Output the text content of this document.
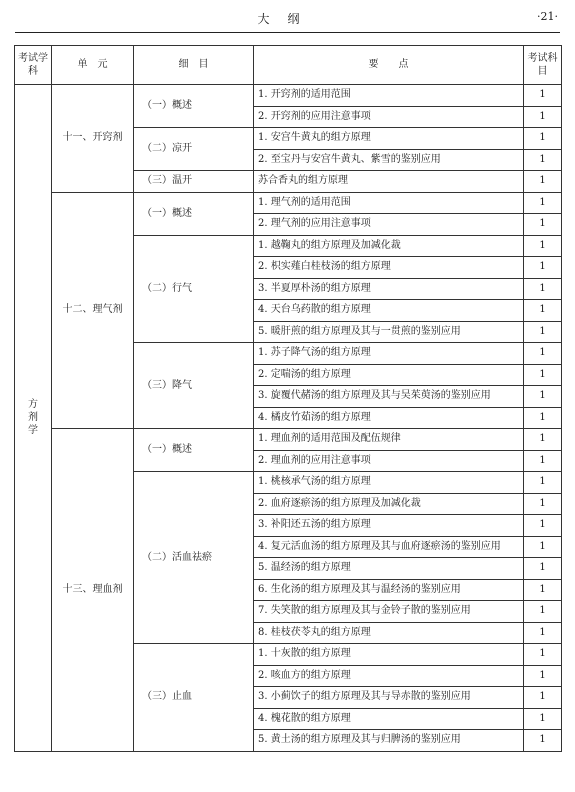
大纲	·21·
考试学科	单　元	细　目	要　　点	考试科目
方剂学	十一、开窍剂	（一）概述	1. 开窍剂的适用范围	1
			2. 开窍剂的应用注意事项	1
		（二）凉开	1. 安宫牛黄丸的组方原理	1
			2. 至宝丹与安宫牛黄丸、紫雪的鉴别应用	1
		（三）温开	苏合香丸的组方原理	1
	十二、理气剂	（一）概述	1. 理气剂的适用范围	1
			2. 理气剂的应用注意事项	1
		（二）行气	1. 越鞠丸的组方原理及加减化裁	1
			2. 枳实薤白桂枝汤的组方原理	1
			3. 半夏厚朴汤的组方原理	1
			4. 天台乌药散的组方原理	1
			5. 暖肝煎的组方原理及其与一贯煎的鉴别应用	1
		（三）降气	1. 苏子降气汤的组方原理	1
			2. 定喘汤的组方原理	1
			3. 旋覆代赭汤的组方原理及其与吴茱萸汤的鉴别应用	1
			4. 橘皮竹茹汤的组方原理	1
	十三、理血剂	（一）概述	1. 理血剂的适用范围及配伍规律	1
			2. 理血剂的应用注意事项	1
		（二）活血祛瘀	1. 桃核承气汤的组方原理	1
			2. 血府逐瘀汤的组方原理及加减化裁	1
			3. 补阳还五汤的组方原理	1
			4. 复元活血汤的组方原理及其与血府逐瘀汤的鉴别应用	1
			5. 温经汤的组方原理	1
			6. 生化汤的组方原理及其与温经汤的鉴别应用	1
			7. 失笑散的组方原理及其与金铃子散的鉴别应用	1
			8. 桂枝茯苓丸的组方原理	1
		（三）止血	1. 十灰散的组方原理	1
			2. 咳血方的组方原理	1
			3. 小蓟饮子的组方原理及其与导赤散的鉴别应用	1
			4. 槐花散的组方原理	1
			5. 黄土汤的组方原理及其与归脾汤的鉴别应用	1
